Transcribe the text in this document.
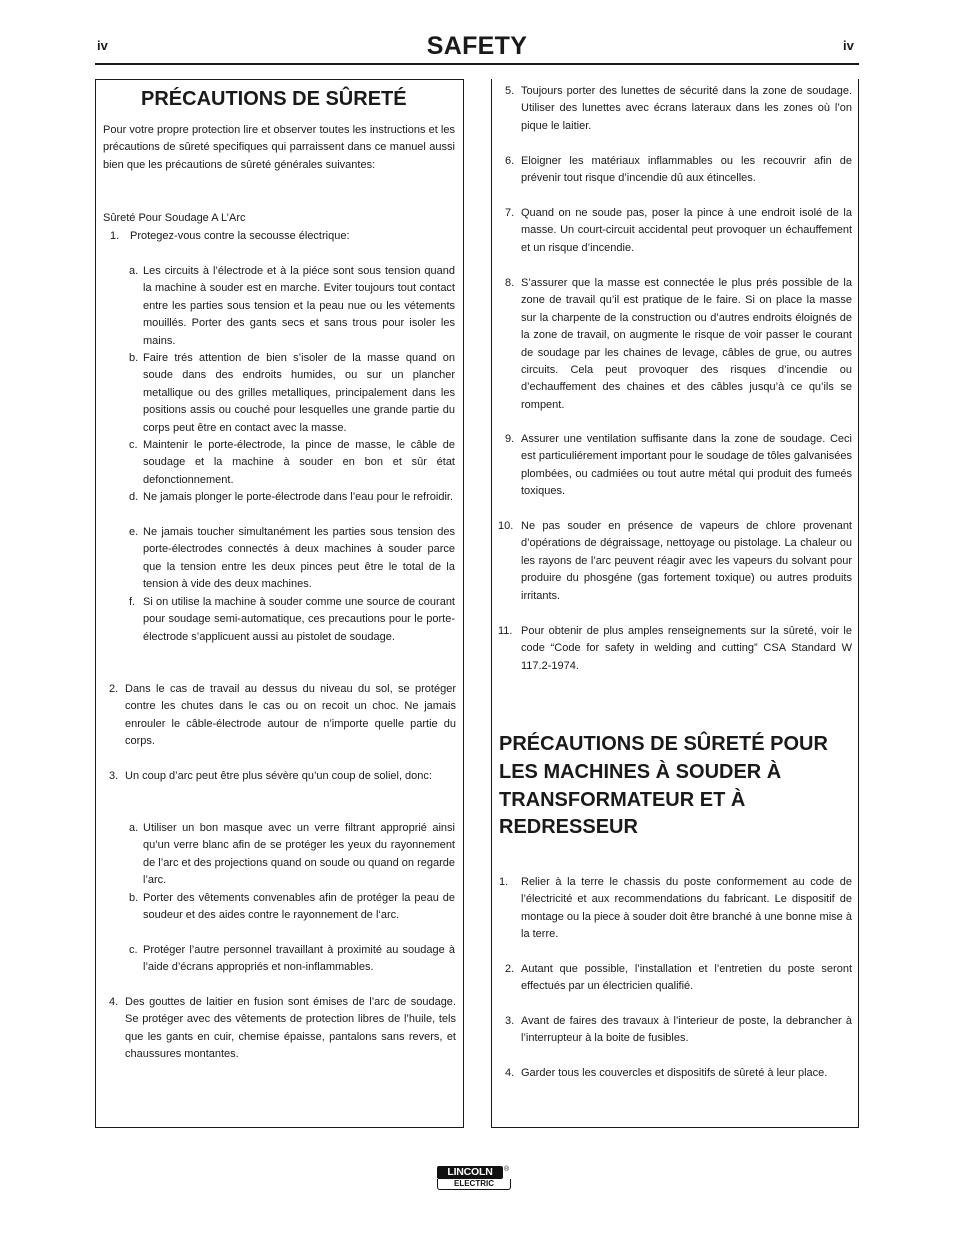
iv	SAFETY	iv
PRÉCAUTIONS DE SÛRETÉ
Pour votre propre protection lire et observer toutes les instructions et les précautions de sûreté specifiques qui parraissent dans ce manuel aussi bien que les précautions de sûreté générales suivantes:
Sûreté Pour Soudage A L’Arc
1. Protegez-vous contre la secousse électrique:
a. Les circuits à l’électrode et à la piéce sont sous tension quand la machine à souder est en marche. Eviter toujours tout contact entre les parties sous tension et la peau nue ou les vétements mouillés. Porter des gants secs et sans trous pour isoler les mains.
b. Faire trés attention de bien s’isoler de la masse quand on soude dans des endroits humides, ou sur un plancher metallique ou des grilles metalliques, principalement dans les positions assis ou couché pour lesquelles une grande partie du corps peut être en contact avec la masse.
c. Maintenir le porte-électrode, la pince de masse, le câble de soudage et la machine à souder en bon et sûr état defonctionnement.
d. Ne jamais plonger le porte-électrode dans l’eau pour le refroidir.
e. Ne jamais toucher simultanément les parties sous tension des porte-électrodes connectés à deux machines à souder parce que la tension entre les deux pinces peut être le total de la tension à vide des deux machines.
f. Si on utilise la machine à souder comme une source de courant pour soudage semi-automatique, ces precautions pour le porte-électrode s’applicuent aussi au pistolet de soudage.
2. Dans le cas de travail au dessus du niveau du sol, se protéger contre les chutes dans le cas ou on recoit un choc. Ne jamais enrouler le câble-électrode autour de n’importe quelle partie du corps.
3. Un coup d’arc peut être plus sévère qu’un coup de soliel, donc:
a. Utiliser un bon masque avec un verre filtrant approprié ainsi qu’un verre blanc afin de se protéger les yeux du rayonnement de l’arc et des projections quand on soude ou quand on regarde l’arc.
b. Porter des vêtements convenables afin de protéger la peau de soudeur et des aides contre le rayonnement de l‘arc.
c. Protéger l’autre personnel travaillant à proximité au soudage à l’aide d’écrans appropriés et non-inflammables.
4. Des gouttes de laitier en fusion sont émises de l’arc de soudage. Se protéger avec des vêtements de protection libres de l’huile, tels que les gants en cuir, chemise épaisse, pantalons sans revers, et chaussures montantes.
5. Toujours porter des lunettes de sécurité dans la zone de soudage. Utiliser des lunettes avec écrans lateraux dans les zones où l’on pique le laitier.
6. Eloigner les matériaux inflammables ou les recouvrir afin de prévenir tout risque d’incendie dû aux étincelles.
7. Quand on ne soude pas, poser la pince à une endroit isolé de la masse. Un court-circuit accidental peut provoquer un échauffement et un risque d’incendie.
8. S’assurer que la masse est connectée le plus prés possible de la zone de travail qu’il est pratique de le faire. Si on place la masse sur la charpente de la construction ou d’autres endroits éloignés de la zone de travail, on augmente le risque de voir passer le courant de soudage par les chaines de levage, câbles de grue, ou autres circuits. Cela peut provoquer des risques d’incendie ou d’echauffement des chaines et des câbles jusqu’à ce qu’ils se rompent.
9. Assurer une ventilation suffisante dans la zone de soudage. Ceci est particuliérement important pour le soudage de tôles galvanisées plombées, ou cadmiées ou tout autre métal qui produit des fumeés toxiques.
10. Ne pas souder en présence de vapeurs de chlore provenant d’opérations de dégraissage, nettoyage ou pistolage. La chaleur ou les rayons de l’arc peuvent réagir avec les vapeurs du solvant pour produire du phosgéne (gas fortement toxique) ou autres produits irritants.
11. Pour obtenir de plus amples renseignements sur la sûreté, voir le code “Code for safety in welding and cutting” CSA Standard W 117.2-1974.
PRÉCAUTIONS DE SÛRETÉ POUR LES MACHINES À SOUDER À TRANSFORMATEUR ET À REDRESSEUR
1. Relier à la terre le chassis du poste conformement au code de l’électricité et aux recommendations du fabricant. Le dispositif de montage ou la piece à souder doit être branché à une bonne mise à la terre.
2. Autant que possible, l’installation et l’entretien du poste seront effectués par un électricien qualifié.
3. Avant de faires des travaux à l’interieur de poste, la debrancher à l’interrupteur à la boite de fusibles.
4. Garder tous les couvercles et dispositifs de sûreté à leur place.
LINCOLN	®
ELECTRIC
